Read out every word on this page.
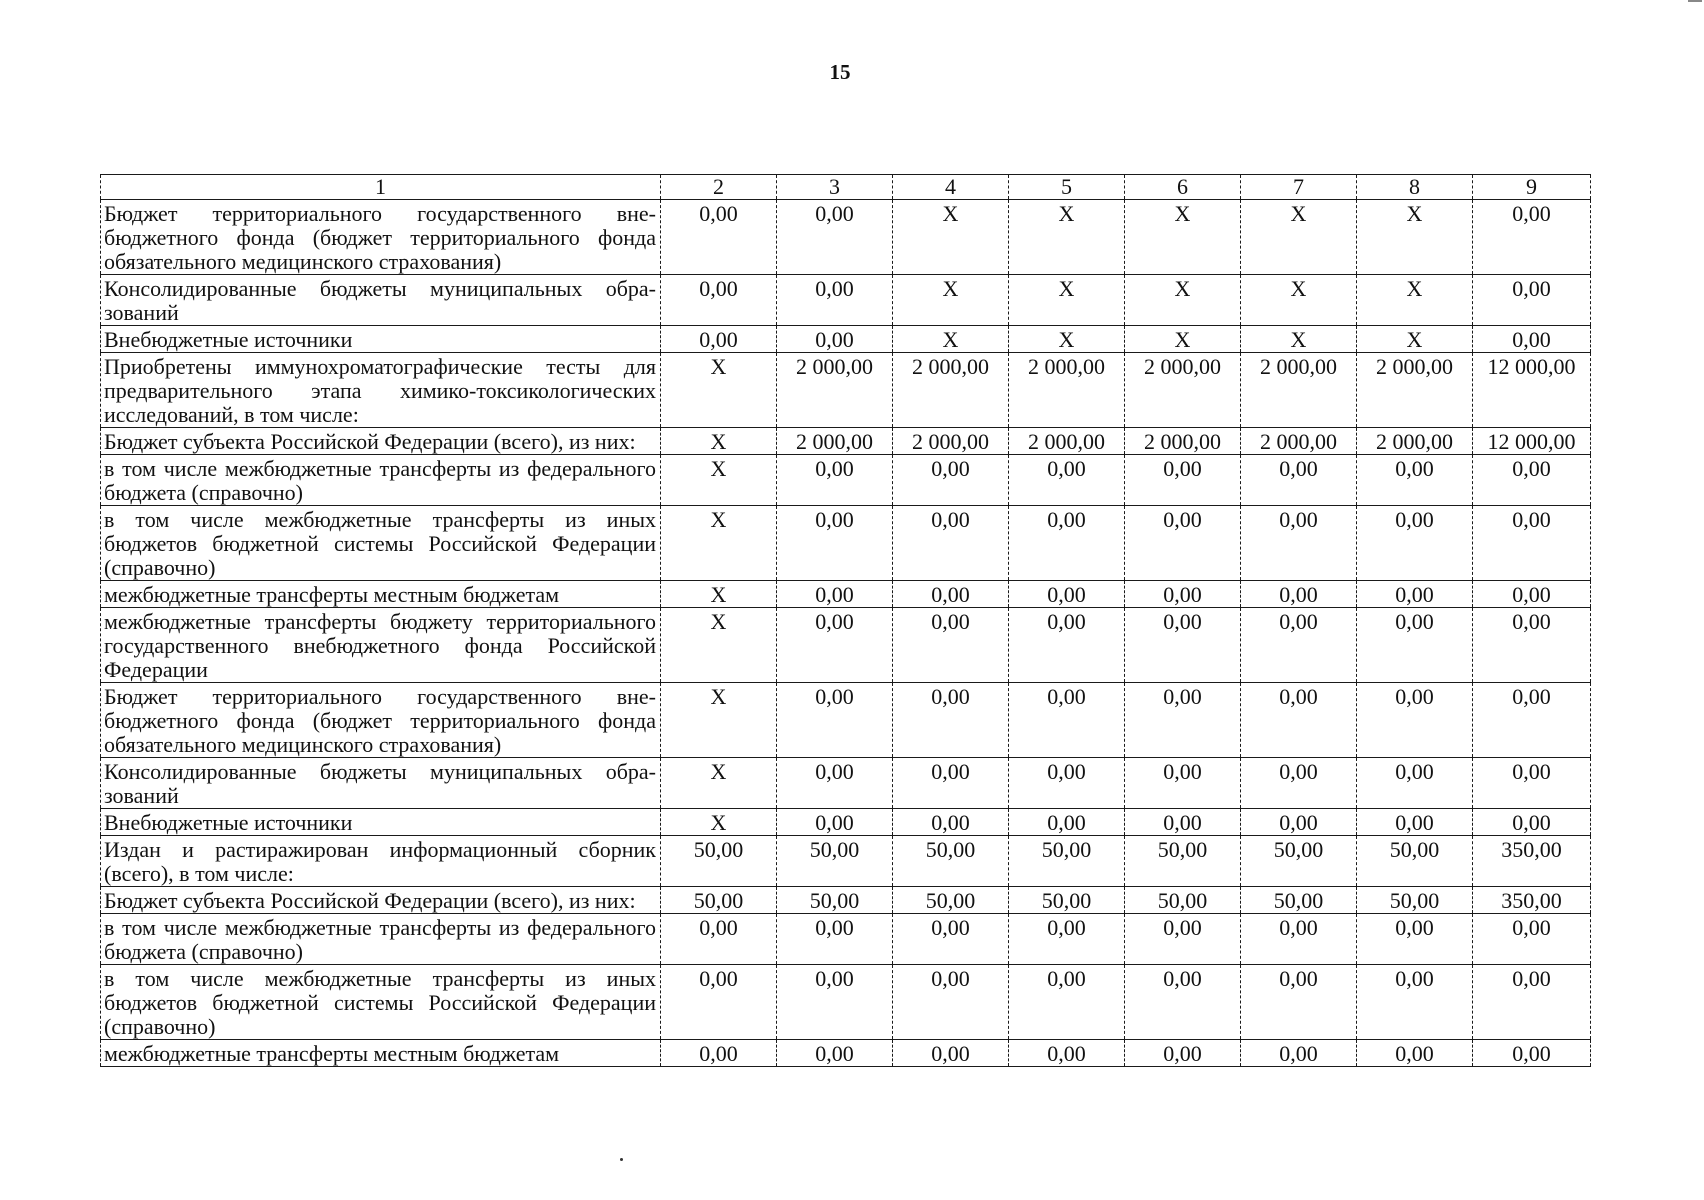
15
1	2	3	4	5	6	7	8	9
Бюджет территориального государственного внебюджетного фонда (бюджет территориального фонда обязательного медицинского страхования)	0,00	0,00	X	X	X	X	X	0,00
Консолидированные бюджеты муниципальных образований	0,00	0,00	X	X	X	X	X	0,00
Внебюджетные источники	0,00	0,00	X	X	X	X	X	0,00
Приобретены иммунохроматографические тесты для предварительного этапа химико-токсикологических исследований, в том числе:	X	2 000,00	2 000,00	2 000,00	2 000,00	2 000,00	2 000,00	12 000,00
Бюджет субъекта Российской Федерации (всего), из них:	X	2 000,00	2 000,00	2 000,00	2 000,00	2 000,00	2 000,00	12 000,00
в том числе межбюджетные трансферты из федерального бюджета (справочно)	X	0,00	0,00	0,00	0,00	0,00	0,00	0,00
в том числе межбюджетные трансферты из иных бюджетов бюджетной системы Российской Федерации (справочно)	X	0,00	0,00	0,00	0,00	0,00	0,00	0,00
межбюджетные трансферты местным бюджетам	X	0,00	0,00	0,00	0,00	0,00	0,00	0,00
межбюджетные трансферты бюджету территориального государственного внебюджетного фонда Российской Федерации	X	0,00	0,00	0,00	0,00	0,00	0,00	0,00
Бюджет территориального государственного внебюджетного фонда (бюджет территориального фонда обязательного медицинского страхования)	X	0,00	0,00	0,00	0,00	0,00	0,00	0,00
Консолидированные бюджеты муниципальных образований	X	0,00	0,00	0,00	0,00	0,00	0,00	0,00
Внебюджетные источники	X	0,00	0,00	0,00	0,00	0,00	0,00	0,00
Издан и растиражирован информационный сборник (всего), в том числе:	50,00	50,00	50,00	50,00	50,00	50,00	50,00	350,00
Бюджет субъекта Российской Федерации (всего), из них:	50,00	50,00	50,00	50,00	50,00	50,00	50,00	350,00
в том числе межбюджетные трансферты из федерального бюджета (справочно)	0,00	0,00	0,00	0,00	0,00	0,00	0,00	0,00
в том числе межбюджетные трансферты из иных бюджетов бюджетной системы Российской Федерации (справочно)	0,00	0,00	0,00	0,00	0,00	0,00	0,00	0,00
межбюджетные трансферты местным бюджетам	0,00	0,00	0,00	0,00	0,00	0,00	0,00	0,00
